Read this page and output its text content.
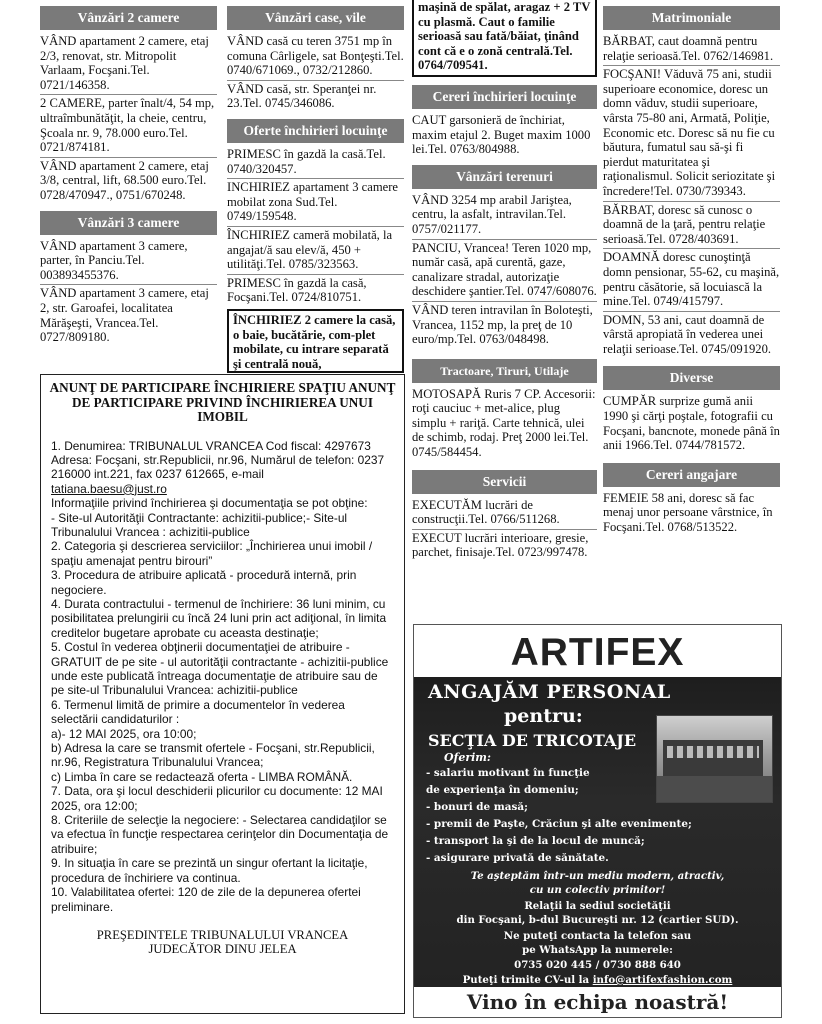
Vânzări 2 camere
VÂND apartament 2 camere, etaj 2/3, renovat, str. Mitropolit Varlaam, Focşani.Tel. 0721/146358.
2 CAMERE, parter înalt/4, 54 mp, ultraîmbunătăţit, la cheie, centru, Şcoala nr. 9, 78.000 euro.Tel. 0721/874181.
VÂND apartament 2 camere, etaj 3/8, central, lift, 68.500 euro.Tel. 0728/470947., 0751/670248.
Vânzări 3 camere
VÂND apartament 3 camere, parter, în Panciu.Tel. 003893455376.
VÂND apartament 3 camere, etaj 2, str. Garoafei, localitatea Mărăşeşti, Vrancea.Tel. 0727/809180.
Vânzări case, vile
VÂND casă cu teren 3751 mp în comuna Cârligele, sat Bonţeşti.Tel. 0740/671069., 0732/212860.
VÂND casă, str. Speranţei nr. 23.Tel. 0745/346086.
Oferte închirieri locuinţe
PRIMESC în gazdă la casă.Tel. 0740/320457.
INCHIRIEZ apartament 3 camere mobilat zona Sud.Tel. 0749/159548.
ÎNCHIRIEZ cameră mobilată, la angajat/ă sau elev/ă, 450 + utilităţi.Tel. 0785/323563.
PRIMESC în gazdă la casă, Focşani.Tel. 0724/810751.
ÎNCHIRIEZ 2 camere la casă, o baie, bucătărie, com-plet mobilate, cu intrare separată şi centrală nouă,
maşină de spălat, aragaz + 2 TV cu plasmă. Caut o familie serioasă sau fată/băiat, ţinând cont că e o zonă centrală.Tel. 0764/709541.
Cereri închirieri locuinţe
CAUT garsonieră de închiriat, maxim etajul 2. Buget maxim 1000 lei.Tel. 0763/804988.
Vânzări terenuri
VÂND 3254 mp arabil Jariştea, centru, la asfalt, intravilan.Tel. 0757/021177.
PANCIU, Vrancea! Teren 1020 mp, număr casă, apă curentă, gaze, canalizare stradal, autorizaţie deschidere şantier.Tel. 0747/608076.
VÂND teren intravilan în Boloteşti, Vrancea, 1152 mp, la preţ de 10 euro/mp.Tel. 0763/048498.
Tractoare, Tiruri, Utilaje
MOTOSAPĂ Ruris 7 CP. Accesorii: roţi cauciuc + met-alice, plug simplu + rariţă. Carte tehnică, ulei de schimb, rodaj. Preţ 2000 lei.Tel. 0745/584454.
Servicii
EXECUTĂM lucrări de construcţii.Tel. 0766/511268.
EXECUT lucrări interioare, gresie, parchet, finisaje.Tel. 0723/997478.
Matrimoniale
BĂRBAT, caut doamnă pentru relaţie serioasă.Tel. 0762/146981.
FOCŞANI! Văduvă 75 ani, studii superioare economice, doresc un domn văduv, studii superioare, vârsta 75-80 ani, Armată, Poliţie, Economic etc. Doresc să nu fie cu băutura, fumatul sau să-şi fi pierdut maturitatea şi raţionalismul. Solicit seriozitate şi încredere!Tel. 0730/739343.
BĂRBAT, doresc să cunosc o doamnă de la ţară, pentru relaţie serioasă.Tel. 0728/403691.
DOAMNĂ doresc cunoştinţă domn pensionar, 55-62, cu maşină, pentru căsătorie, să locuiască la mine.Tel. 0749/415797.
DOMN, 53 ani, caut doamnă de vârstă apropiată în vederea unei relaţii serioase.Tel. 0745/091920.
Diverse
CUMPĂR surprize gumă anii 1990 şi cărţi poştale, fotografii cu Focşani, bancnote, monede până în anii 1966.Tel. 0744/781572.
Cereri angajare
FEMEIE 58 ani, doresc să fac menaj unor persoane vârstnice, în Focşani.Tel. 0768/513522.
ANUNŢ DE PARTICIPARE ÎNCHIRIERE SPAŢIU ANUNŢ DE PARTICIPARE PRIVIND ÎNCHIRIEREA UNUI IMOBIL
1. Denumirea: TRIBUNALUL VRANCEA Cod fiscal: 4297673
Adresa: Focşani, str.Republicii, nr.96, Numărul de telefon: 0237 216000 int.221, fax 0237 612665, e-mail
tatiana.baesu@just.ro
Informaţiile privind închirierea şi documentaţia se pot obţine:
- Site-ul Autorităţii Contractante: achizitii-publice;- Site-ul Tribunalului Vrancea : achizitii-publice
2. Categoria şi descrierea serviciilor: „Închirierea unui imobil / spaţiu amenajat pentru birouri”
3. Procedura de atribuire aplicată - procedură internă, prin negociere.
4. Durata contractului - termenul de închiriere: 36 luni minim, cu posibilitatea prelungirii cu încă 24 luni prin act adiţional, în limita creditelor bugetare aprobate cu aceasta destinaţie;
5. Costul în vederea obţinerii documentaţiei de atribuire - GRATUIT de pe site - ul autorităţii contractante - achizitii-publice unde este publicată întreaga documentaţie de atribuire sau de pe site-ul Tribunalului Vrancea: achizitii-publice
6. Termenul limită de primire a documentelor în vederea selectării candidaturilor :
a)- 12 MAI 2025, ora 10:00;
b) Adresa la care se transmit ofertele - Focşani, str.Republicii, nr.96, Registratura Tribunalului Vrancea;
c) Limba în care se redactează oferta - LIMBA ROMÂNĂ.
7. Data, ora şi locul deschiderii plicurilor cu documente: 12 MAI 2025, ora 12:00;
8. Criteriile de selecţie la negociere: - Selectarea candidaţilor se va efectua în funcţie respectarea cerinţelor din Documentaţia de atribuire;
9. In situaţia în care se prezintă un singur ofertant la licitaţie, procedura de închiriere va continua.
10. Valabilitatea ofertei: 120 de zile de la depunerea ofertei preliminare.
PREŞEDINTELE TRIBUNALULUI VRANCEA
JUDECĂTOR DINU JELEA
ARTIFEX
ANGAJĂM PERSONAL
pentru:
SECŢIA DE TRICOTAJE
Oferim:
- salariu motivant în funcţie
de experienţa în domeniu;
- bonuri de masă;
- premii de Paşte, Crăciun şi alte evenimente;
- transport la şi de la locul de muncă;
- asigurare privată de sănătate.
Te aşteptăm într-un mediu modern, atractiv,
cu un colectiv primitor!
Relaţii la sediul societăţii
din Focşani, b-dul Bucureşti nr. 12 (cartier SUD).
Ne puteţi contacta la telefon sau
pe WhatsApp la numerele:
0735 020 445 / 0730 888 640
Puteţi trimite CV-ul la info@artifexfashion.com
Vino în echipa noastră!
